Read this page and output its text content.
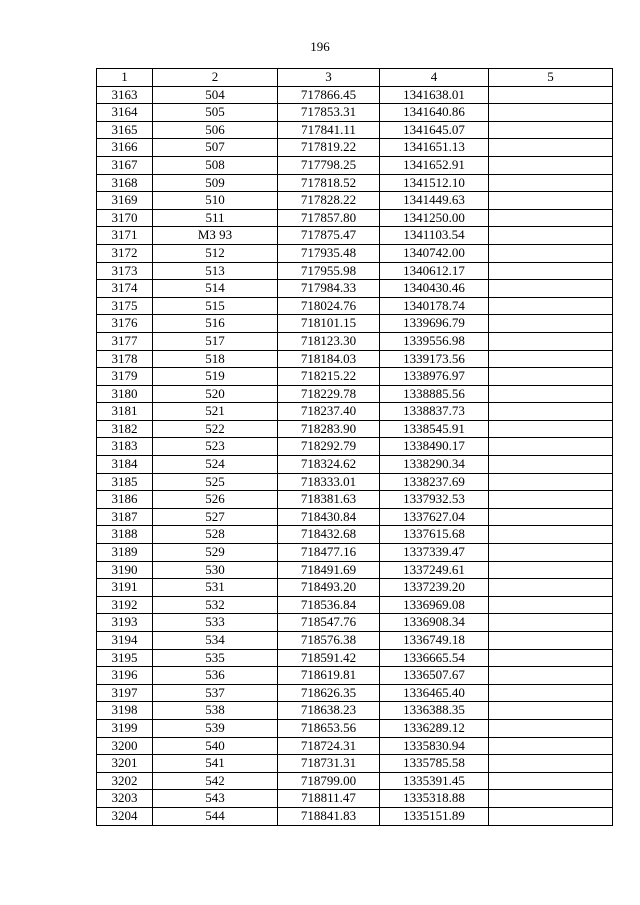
196
1	2	3	4	5
3163	504	717866.45	1341638.01	
3164	505	717853.31	1341640.86	
3165	506	717841.11	1341645.07	
3166	507	717819.22	1341651.13	
3167	508	717798.25	1341652.91	
3168	509	717818.52	1341512.10	
3169	510	717828.22	1341449.63	
3170	511	717857.80	1341250.00	
3171	МЗ 93	717875.47	1341103.54	
3172	512	717935.48	1340742.00	
3173	513	717955.98	1340612.17	
3174	514	717984.33	1340430.46	
3175	515	718024.76	1340178.74	
3176	516	718101.15	1339696.79	
3177	517	718123.30	1339556.98	
3178	518	718184.03	1339173.56	
3179	519	718215.22	1338976.97	
3180	520	718229.78	1338885.56	
3181	521	718237.40	1338837.73	
3182	522	718283.90	1338545.91	
3183	523	718292.79	1338490.17	
3184	524	718324.62	1338290.34	
3185	525	718333.01	1338237.69	
3186	526	718381.63	1337932.53	
3187	527	718430.84	1337627.04	
3188	528	718432.68	1337615.68	
3189	529	718477.16	1337339.47	
3190	530	718491.69	1337249.61	
3191	531	718493.20	1337239.20	
3192	532	718536.84	1336969.08	
3193	533	718547.76	1336908.34	
3194	534	718576.38	1336749.18	
3195	535	718591.42	1336665.54	
3196	536	718619.81	1336507.67	
3197	537	718626.35	1336465.40	
3198	538	718638.23	1336388.35	
3199	539	718653.56	1336289.12	
3200	540	718724.31	1335830.94	
3201	541	718731.31	1335785.58	
3202	542	718799.00	1335391.45	
3203	543	718811.47	1335318.88	
3204	544	718841.83	1335151.89	
